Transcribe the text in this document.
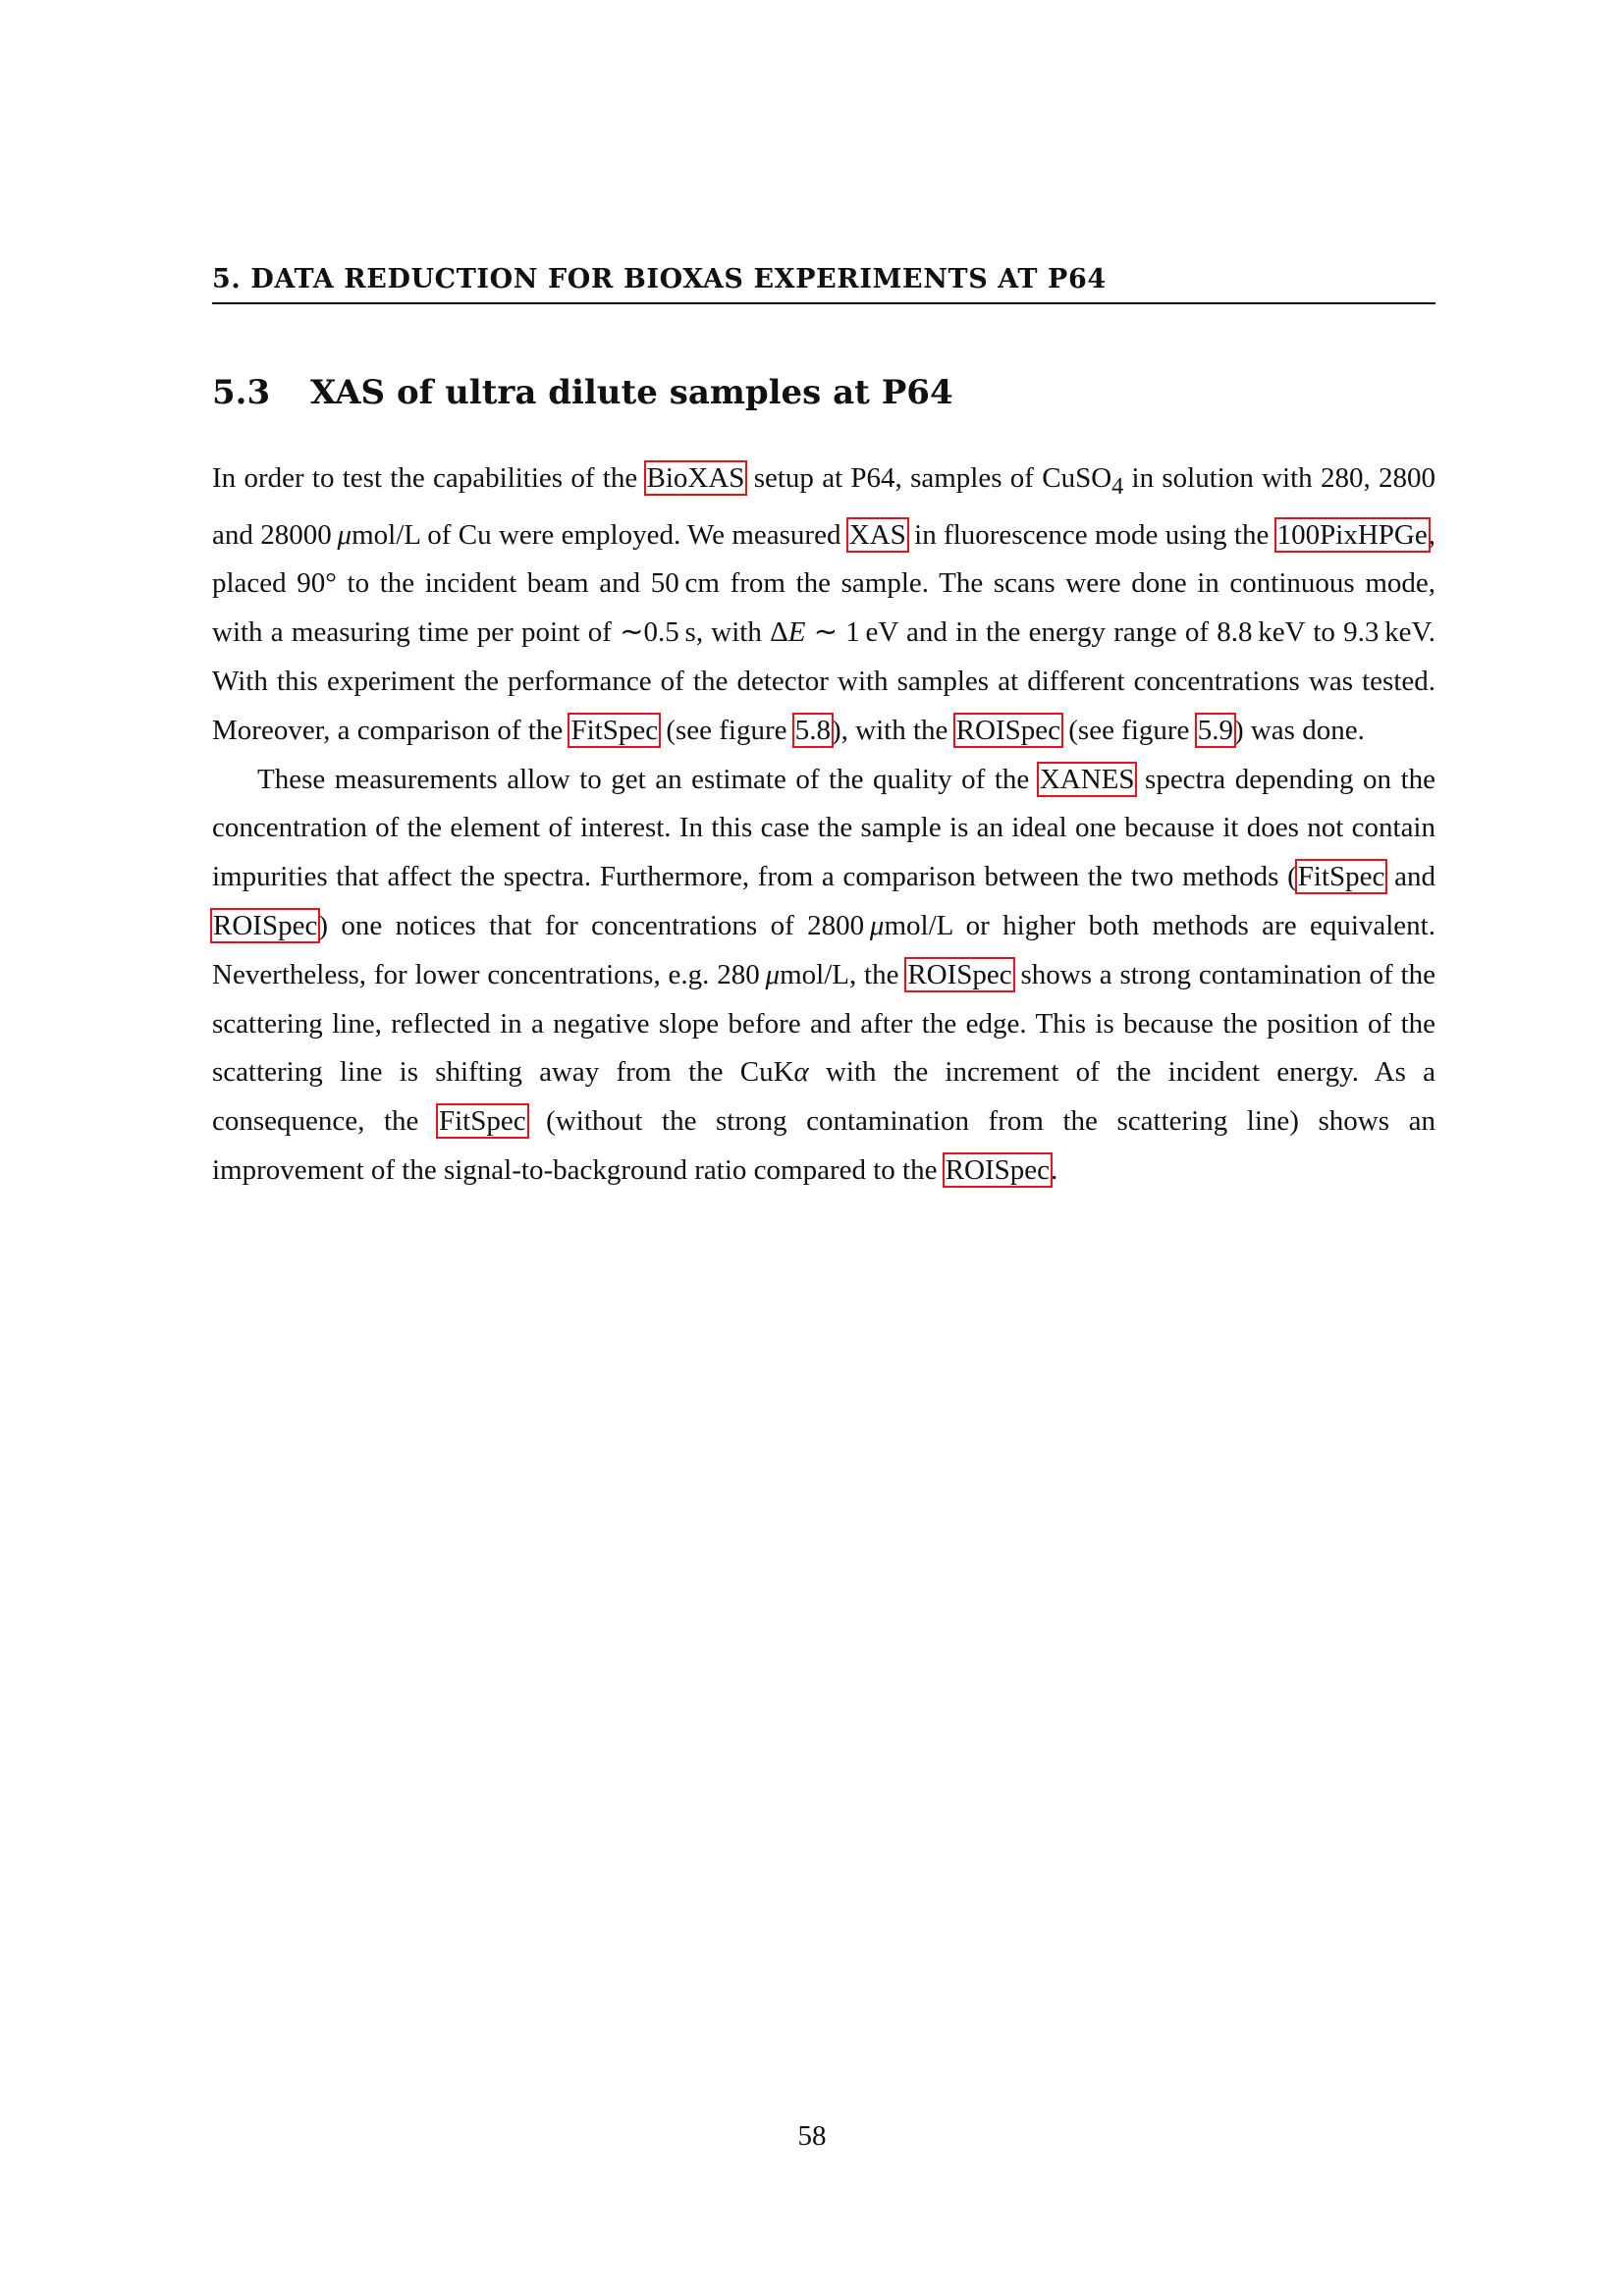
5. DATA REDUCTION FOR BIOXAS EXPERIMENTS AT P64
5.3 XAS of ultra dilute samples at P64

In order to test the capabilities of the BioXAS setup at P64, samples of CuSO$_4$ in solution with 280, 2800 and 28000 μmol/L of Cu were employed. We measured XAS in fluorescence mode using the 100PixHPGe, placed 90° to the incident beam and 50 cm from the sample. The scans were done in continuous mode, with a measuring time per point of ∼0.5 s, with ΔE ∼ 1 eV and in the energy range of 8.8 keV to 9.3 keV. With this experiment the performance of the detector with samples at different concentrations was tested. Moreover, a comparison of the FitSpec (see figure 5.8), with the ROISpec (see figure 5.9) was done.

These measurements allow to get an estimate of the quality of the XANES spectra depending on the concentration of the element of interest. In this case the sample is an ideal one because it does not contain impurities that affect the spectra. Furthermore, from a comparison between the two methods (FitSpec and ROISpec) one notices that for concentrations of 2800 μmol/L or higher both methods are equivalent. Nevertheless, for lower concentrations, e.g. 280 μmol/L, the ROISpec shows a strong contamination of the scattering line, reflected in a negative slope before and after the edge. This is because the position of the scattering line is shifting away from the CuKα with the increment of the incident energy. As a consequence, the FitSpec (without the strong contamination from the scattering line) shows an improvement of the signal-to-background ratio compared to the ROISpec.

58
